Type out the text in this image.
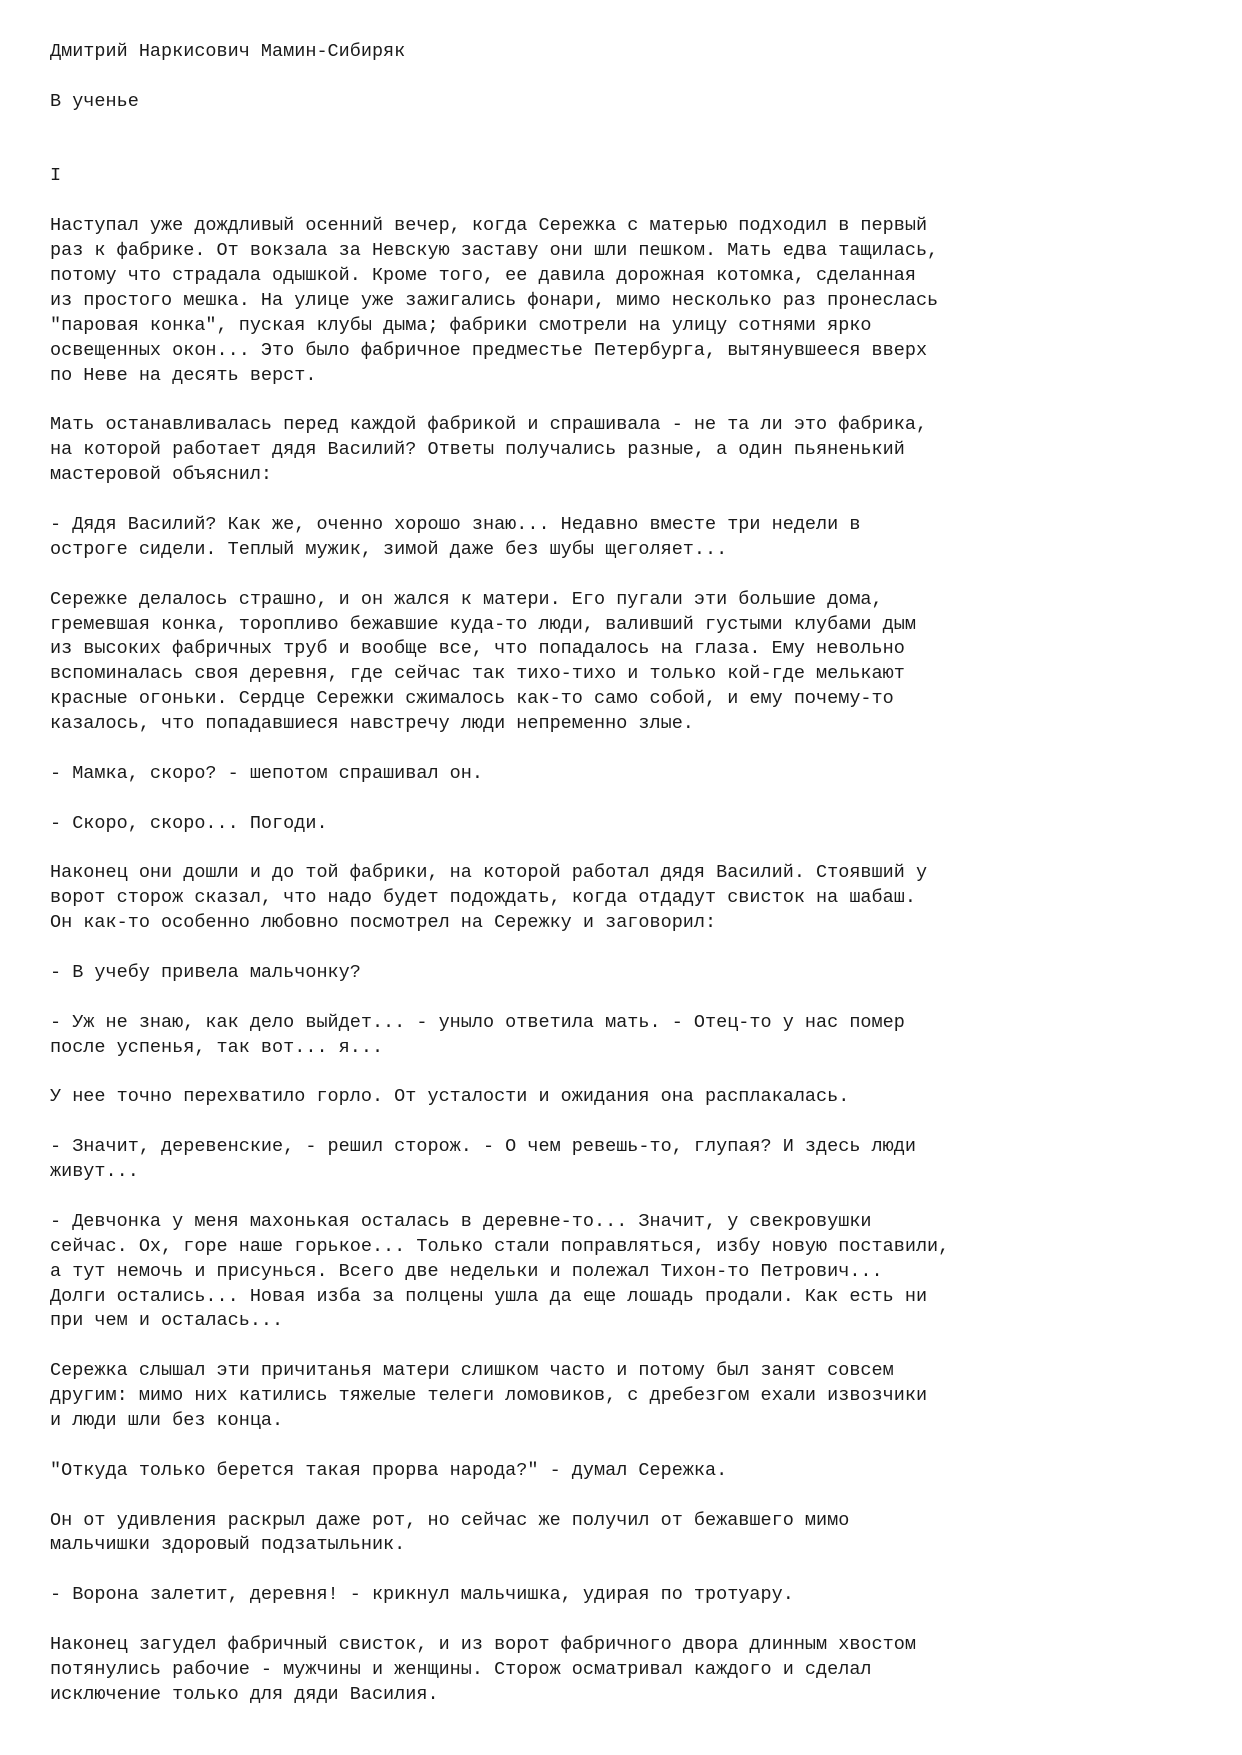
Дмитрий Наркисович Мамин-Сибиряк
В ученье
I
Наступал уже дождливый осенний вечер, когда Сережка с матерью подходил в первый
раз к фабрике. От вокзала за Невскую заставу они шли пешком. Мать едва тащилась,
потому что страдала одышкой. Кроме того, ее давила дорожная котомка, сделанная
из простого мешка. На улице уже зажигались фонари, мимо несколько раз пронеслась
"паровая конка", пуская клубы дыма; фабрики смотрели на улицу сотнями ярко
освещенных окон... Это было фабричное предместье Петербурга, вытянувшееся вверх
по Неве на десять верст.
Мать останавливалась перед каждой фабрикой и спрашивала - не та ли это фабрика,
на которой работает дядя Василий? Ответы получались разные, а один пьяненький
мастеровой объяснил:
- Дядя Василий? Как же, оченно хорошо знаю... Недавно вместе три недели в
остроге сидели. Теплый мужик, зимой даже без шубы щеголяет...
Сережке делалось страшно, и он жался к матери. Его пугали эти большие дома,
гремевшая конка, торопливо бежавшие куда-то люди, валивший густыми клубами дым
из высоких фабричных труб и вообще все, что попадалось на глаза. Ему невольно
вспоминалась своя деревня, где сейчас так тихо-тихо и только кой-где мелькают
красные огоньки. Сердце Сережки сжималось как-то само собой, и ему почему-то
казалось, что попадавшиеся навстречу люди непременно злые.
- Мамка, скоро? - шепотом спрашивал он.
- Скоро, скоро... Погоди.
Наконец они дошли и до той фабрики, на которой работал дядя Василий. Стоявший у
ворот сторож сказал, что надо будет подождать, когда отдадут свисток на шабаш.
Он как-то особенно любовно посмотрел на Сережку и заговорил:
- В учебу привела мальчонку?
- Уж не знаю, как дело выйдет... - уныло ответила мать. - Отец-то у нас помер
после успенья, так вот... я...
У нее точно перехватило горло. От усталости и ожидания она расплакалась.
- Значит, деревенские, - решил сторож. - О чем ревешь-то, глупая? И здесь люди
живут...
- Девчонка у меня махонькая осталась в деревне-то... Значит, у свекровушки
сейчас. Ох, горе наше горькое... Только стали поправляться, избу новую поставили,
а тут немочь и присунься. Всего две недельки и полежал Тихон-то Петрович...
Долги остались... Новая изба за полцены ушла да еще лошадь продали. Как есть ни
при чем и осталась...
Сережка слышал эти причитанья матери слишком часто и потому был занят совсем
другим: мимо них катились тяжелые телеги ломовиков, с дребезгом ехали извозчики
и люди шли без конца.
"Откуда только берется такая прорва народа?" - думал Сережка.
Он от удивления раскрыл даже рот, но сейчас же получил от бежавшего мимо
мальчишки здоровый подзатыльник.
- Ворона залетит, деревня! - крикнул мальчишка, удирая по тротуару.
Наконец загудел фабричный свисток, и из ворот фабричного двора длинным хвостом
потянулись рабочие - мужчины и женщины. Сторож осматривал каждого и сделал
исключение только для дяди Василия.
